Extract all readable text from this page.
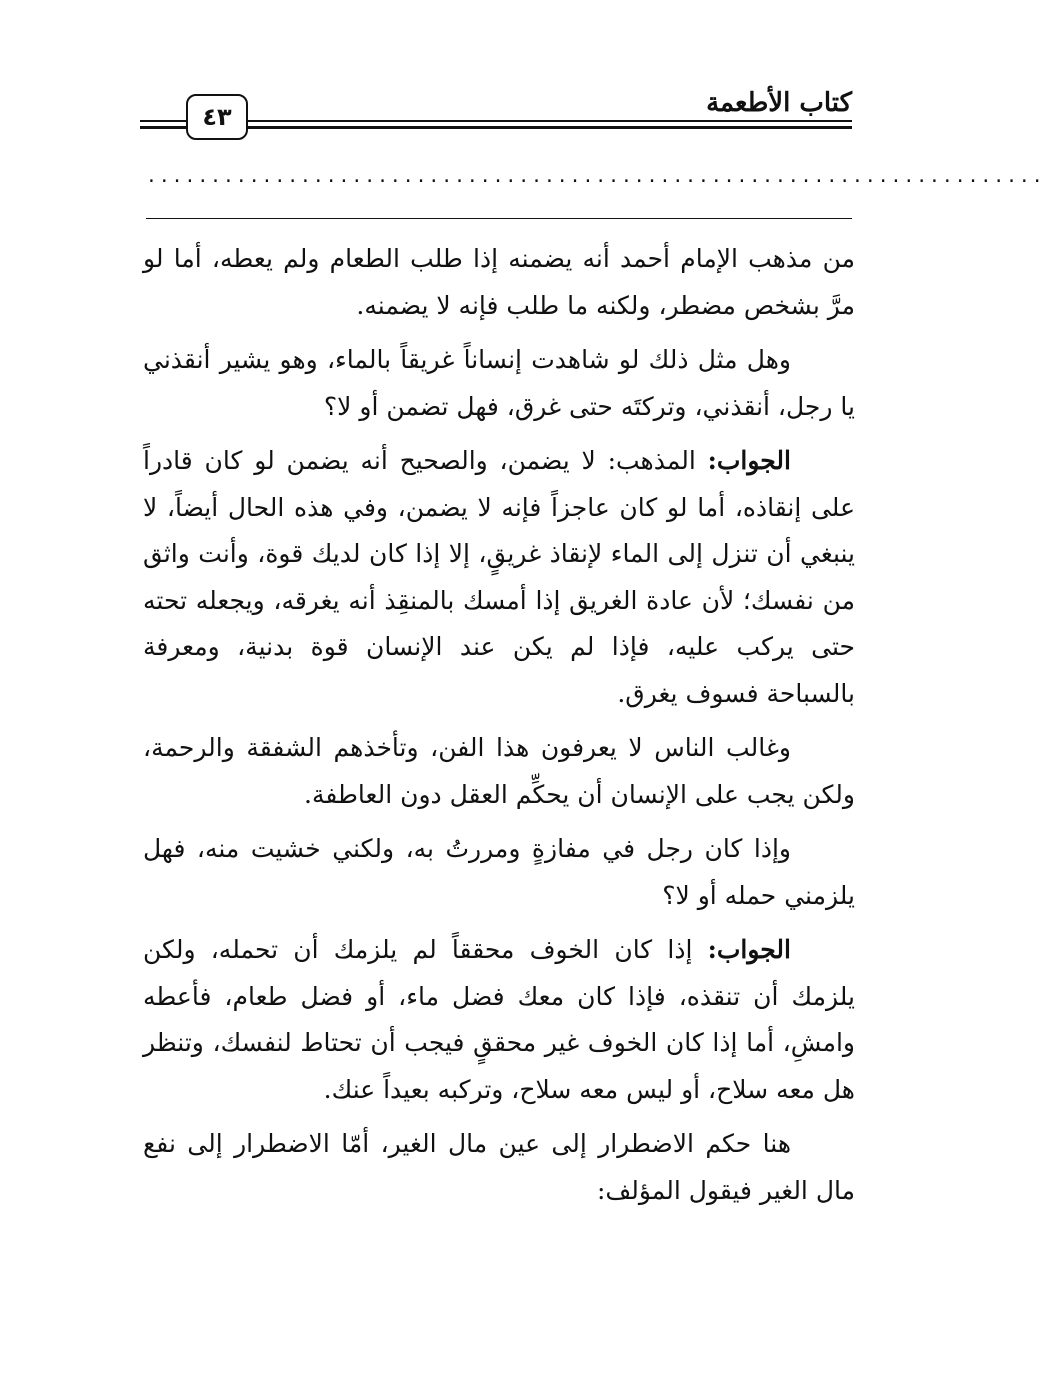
٤٣	كتاب الأطعمة
......................................................................

من مذهب الإمام أحمد أنه يضمنه إذا طلب الطعام ولم يعطه، أما لو مرَّ بشخص مضطر، ولكنه ما طلب فإنه لا يضمنه.

وهل مثل ذلك لو شاهدت إنساناً غريقاً بالماء، وهو يشير أنقذني يا رجل، أنقذني، وتركتَه حتى غرق، فهل تضمن أو لا؟

الجواب: المذهب: لا يضمن، والصحيح أنه يضمن لو كان قادراً على إنقاذه، أما لو كان عاجزاً فإنه لا يضمن، وفي هذه الحال أيضاً، لا ينبغي أن تنزل إلى الماء لإنقاذ غريقٍ، إلا إذا كان لديك قوة، وأنت واثق من نفسك؛ لأن عادة الغريق إذا أمسك بالمنقِذ أنه يغرقه، ويجعله تحته حتى يركب عليه، فإذا لم يكن عند الإنسان قوة بدنية، ومعرفة بالسباحة فسوف يغرق.

وغالب الناس لا يعرفون هذا الفن، وتأخذهم الشفقة والرحمة، ولكن يجب على الإنسان أن يحكِّم العقل دون العاطفة.

وإذا كان رجل في مفازةٍ ومررتُ به، ولكني خشيت منه، فهل يلزمني حمله أو لا؟

الجواب: إذا كان الخوف محققاً لم يلزمك أن تحمله، ولكن يلزمك أن تنقذه، فإذا كان معك فضل ماء، أو فضل طعام، فأعطه وامشِ، أما إذا كان الخوف غير محققٍ فيجب أن تحتاط لنفسك، وتنظر هل معه سلاح، أو ليس معه سلاح، وتركبه بعيداً عنك.

هنا حكم الاضطرار إلى عين مال الغير، أمّا الاضطرار إلى نفع مال الغير فيقول المؤلف:
